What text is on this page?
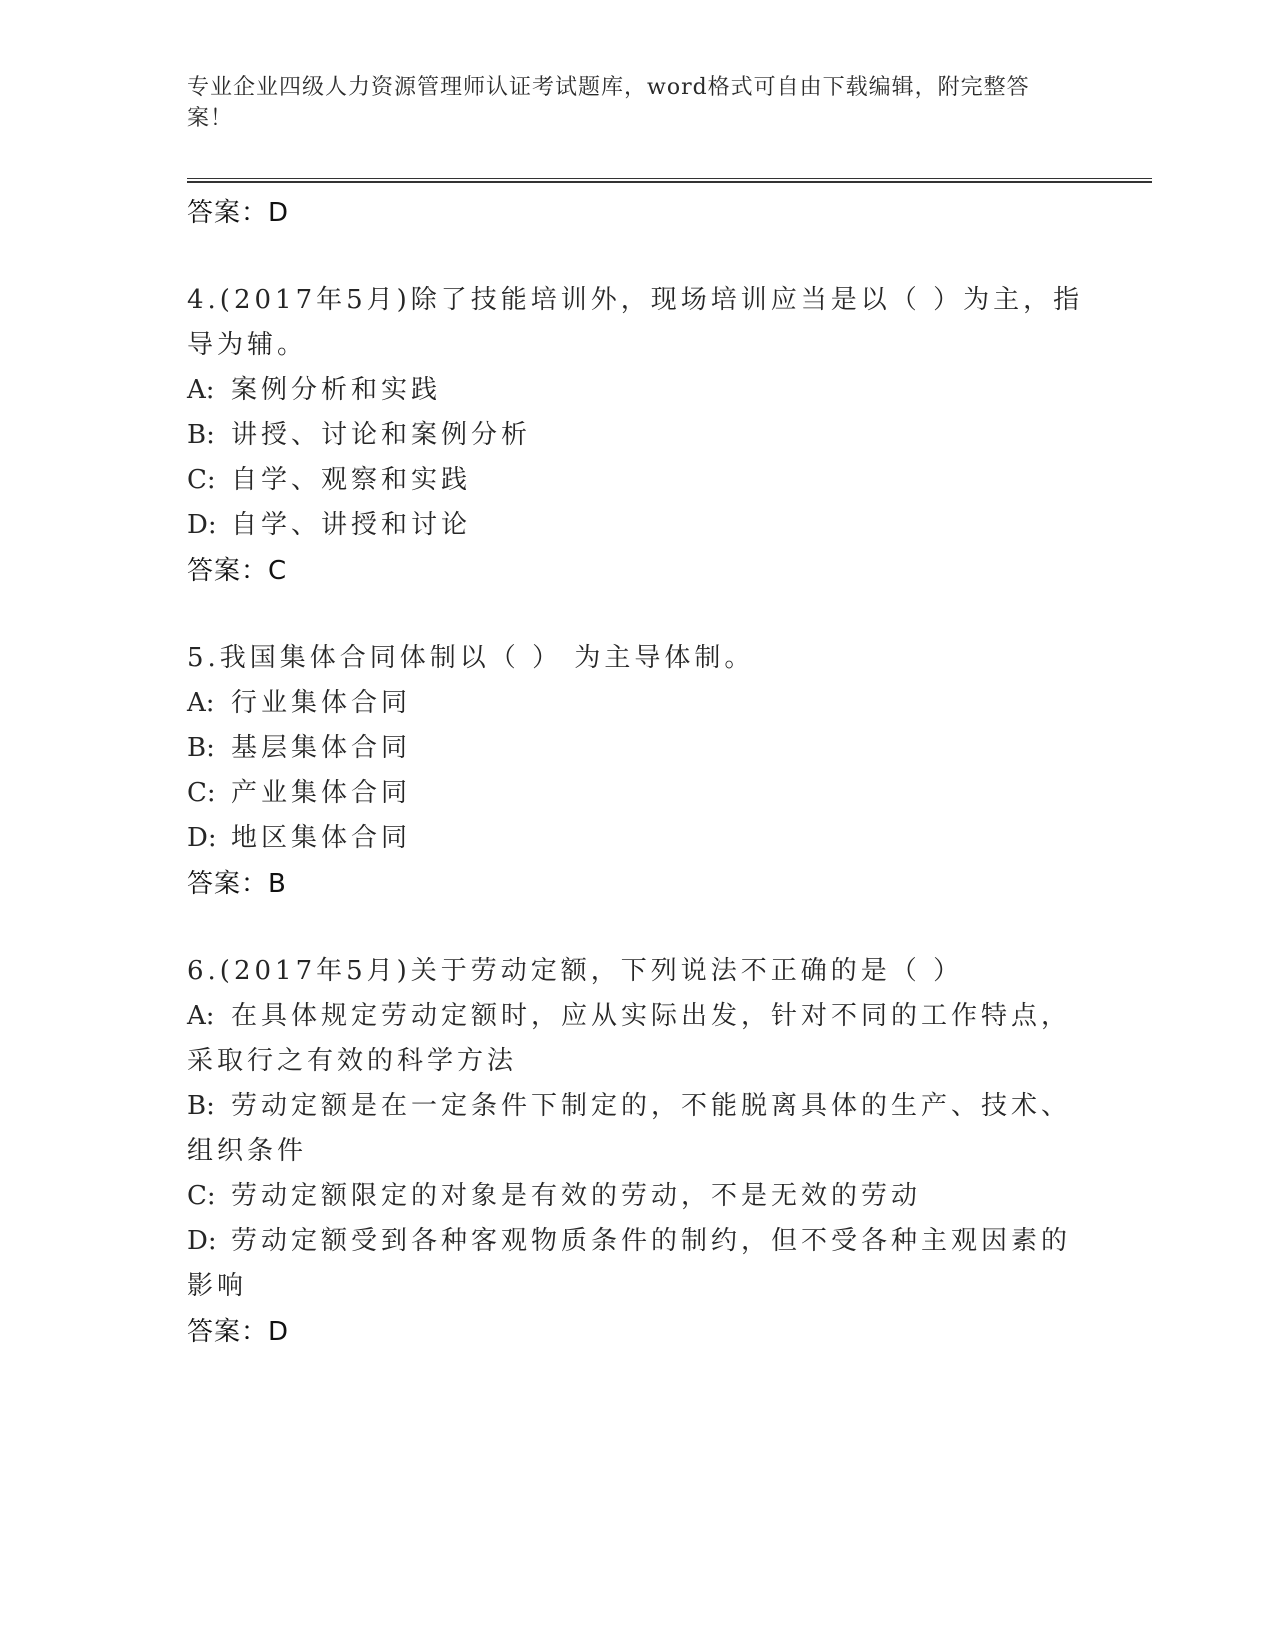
专业企业四级人力资源管理师认证考试题库，word格式可自由下载编辑，附完整答案！
答案：D
4.(2017年5月)除了技能培训外，现场培训应当是以（ ）为主，指导为辅。
A: 案例分析和实践
B: 讲授、讨论和案例分析
C: 自学、观察和实践
D: 自学、讲授和讨论
答案：C
5.我国集体合同体制以（ ） 为主导体制。
A: 行业集体合同
B: 基层集体合同
C: 产业集体合同
D: 地区集体合同
答案：B
6.(2017年5月)关于劳动定额，下列说法不正确的是（ ）
A: 在具体规定劳动定额时，应从实际出发，针对不同的工作特点，采取行之有效的科学方法
B: 劳动定额是在一定条件下制定的，不能脱离具体的生产、技术、组织条件
C: 劳动定额限定的对象是有效的劳动，不是无效的劳动
D: 劳动定额受到各种客观物质条件的制约，但不受各种主观因素的影响
答案：D
